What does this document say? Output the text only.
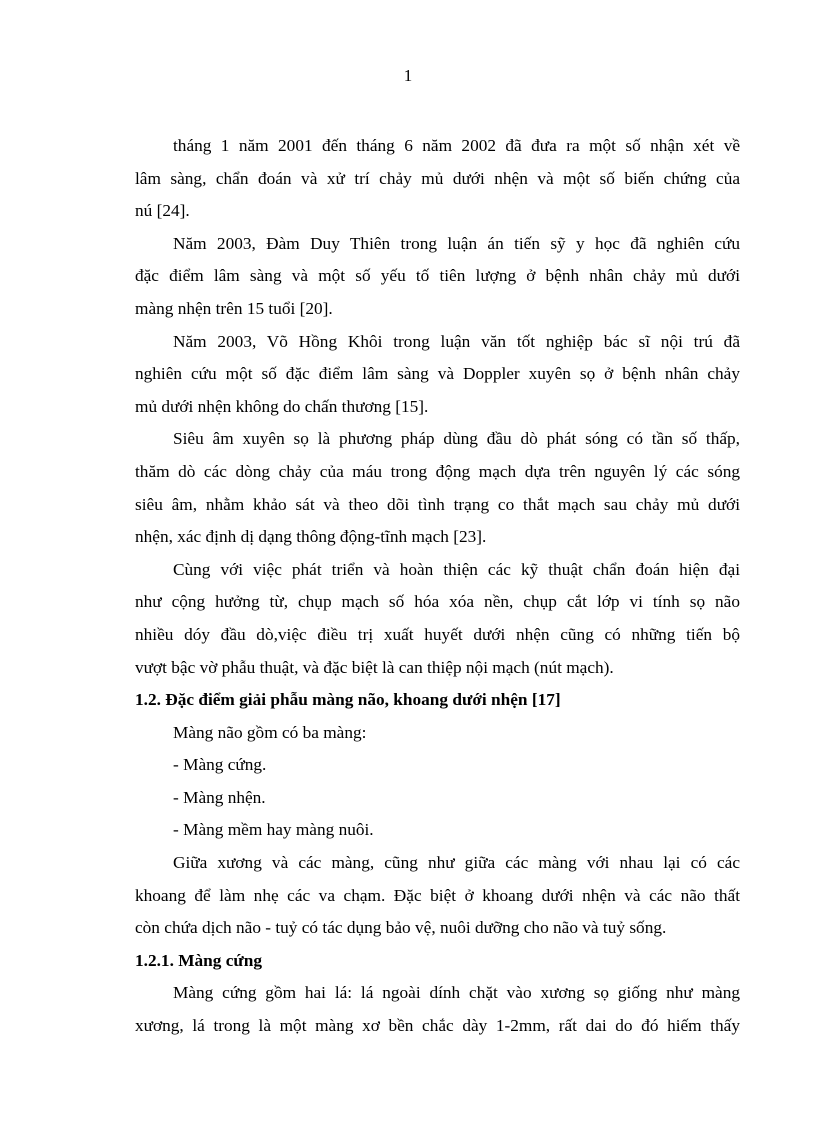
1
tháng 1 năm 2001 đến tháng 6 năm 2002 đã đưa ra một số nhận xét về
lâm sàng, chẩn đoán và xử trí chảy mủ dưới nhện và một số biến chứng của
nú [24].
Năm 2003, Đàm Duy Thiên trong luận án tiến sỹ y học đã nghiên cứu
đặc điểm lâm sàng và một số yếu tố tiên lượng ở bệnh nhân chảy mủ dưới
màng nhện trên 15 tuổi [20].
Năm 2003, Võ Hồng Khôi trong luận văn tốt nghiệp bác sĩ nội trú đã
nghiên cứu một số đặc điểm lâm sàng và Doppler xuyên sọ ở bệnh nhân chảy
mủ dưới nhện không do chấn thương [15].
Siêu âm xuyên sọ là phương pháp dùng đầu dò phát sóng có tần số thấp,
thăm dò các dòng chảy của máu trong động mạch dựa trên nguyên lý các sóng
siêu âm, nhằm khảo sát và theo dõi tình trạng co thắt mạch sau chảy mủ dưới
nhện, xác định dị dạng thông động-tĩnh mạch [23].
Cùng với việc phát triển và hoàn thiện các kỹ thuật chẩn đoán hiện đại
như cộng hưởng từ, chụp mạch số hóa xóa nền, chụp cắt lớp vi tính sọ não
nhiều dóy đầu dò,việc điều trị xuất huyết dưới nhện cũng có những tiến bộ
vượt bậc vờ phẫu thuật, và đặc biệt là can thiệp nội mạch (nút mạch).
1.2. Đặc điểm giải phẫu màng não, khoang dưới nhện [17]
Màng não gồm có ba màng:
- Màng cứng.
- Màng nhện.
- Màng mềm hay màng nuôi.
Giữa xương và các màng, cũng như giữa các màng với nhau lại có các
khoang để làm nhẹ các va chạm. Đặc biệt ở khoang dưới nhện và các não thất
còn chứa dịch não - tuỷ có tác dụng bảo vệ, nuôi dưỡng cho não và tuỷ sống.
1.2.1. Màng cứng
Màng cứng gồm hai lá: lá ngoài dính chặt vào xương sọ giống như màng
xương, lá trong là một màng xơ bền chắc dày 1-2mm, rất dai do đó hiếm thấy
